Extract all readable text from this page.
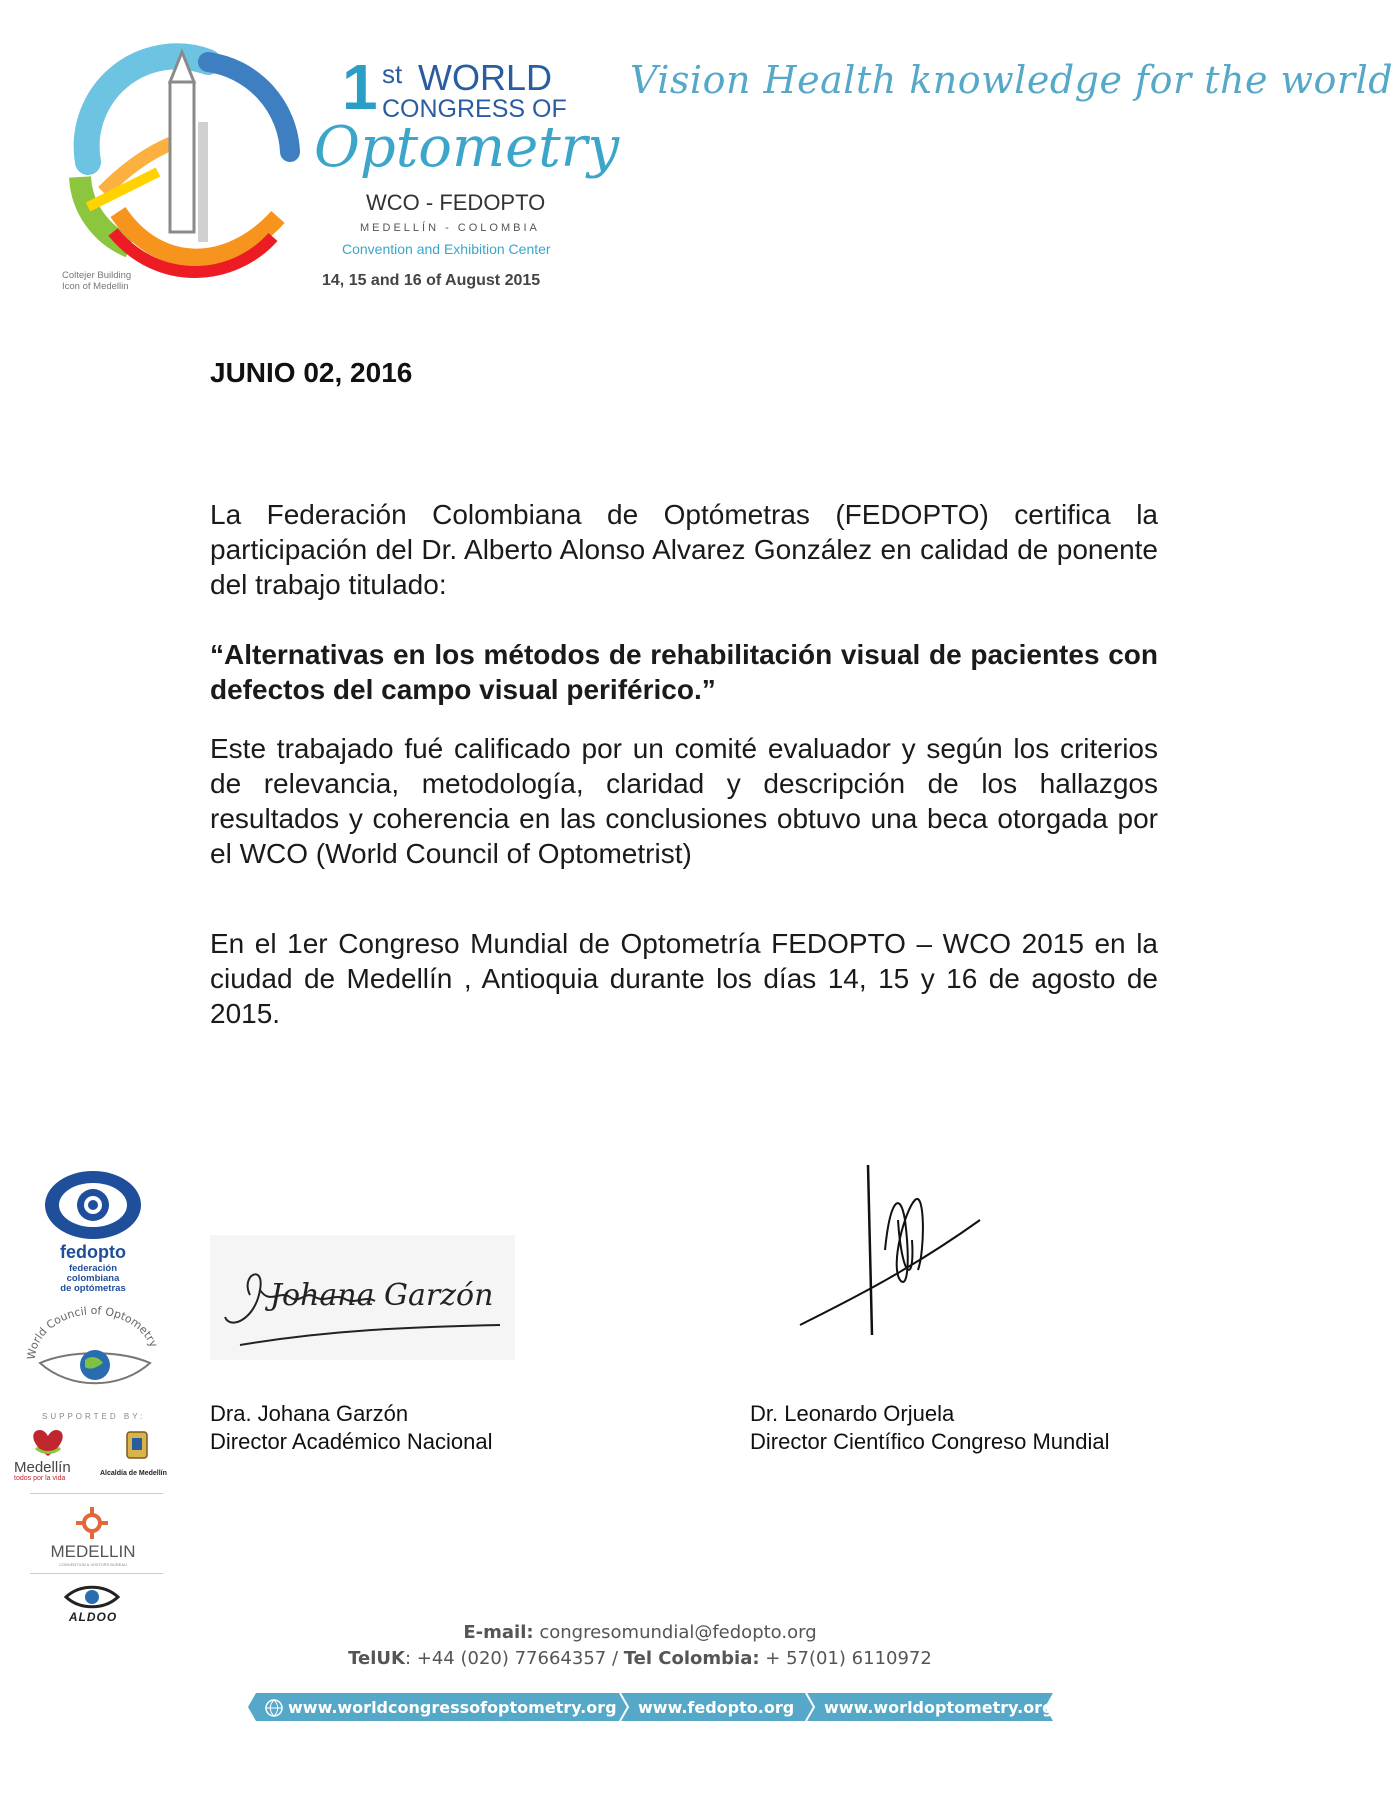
Coltejer Building
Icon of Medellin
1 st WORLD
CONGRESS OF
Optometry
WCO - FEDOPTO
MEDELLÍN - COLOMBIA
Convention and Exhibition Center
14, 15 and 16 of August 2015
Vision Health knowledge for the world
JUNIO 02, 2016
La Federación Colombiana de Optómetras (FEDOPTO) certifica la participación del Dr. Alberto Alonso Alvarez González en calidad de ponente del trabajo titulado:
“Alternativas en los métodos de rehabilitación visual de pacientes con defectos del campo visual periférico.”
Este trabajado fué calificado por un comité evaluador y según los criterios de relevancia, metodología, claridad y descripción de los hallazgos resultados y coherencia en las conclusiones obtuvo una beca otorgada por el WCO (World Council of Optometrist)
En el 1er Congreso Mundial de Optometría FEDOPTO – WCO 2015 en la ciudad de Medellín , Antioquia durante los días 14, 15 y 16 de agosto de 2015.
Johana Garzón
Dra. Johana Garzón
Director Académico Nacional
Dr. Leonardo Orjuela
Director Científico Congreso Mundial
fedopto
federación
colombiana
de optómetras
World Council of Optometry
SUPPORTED BY:
Medellín
todos por la vida
Alcaldía de Medellín
MEDELLIN
CONVENTION & VISITORS BUREAU
ALDOO
E-mail: congresomundial@fedopto.org
TelUK: +44 (020) 77664357 / Tel Colombia: + 57(01) 6110972
www.worldcongressofoptometry.org www.fedopto.org www.worldoptometry.org
